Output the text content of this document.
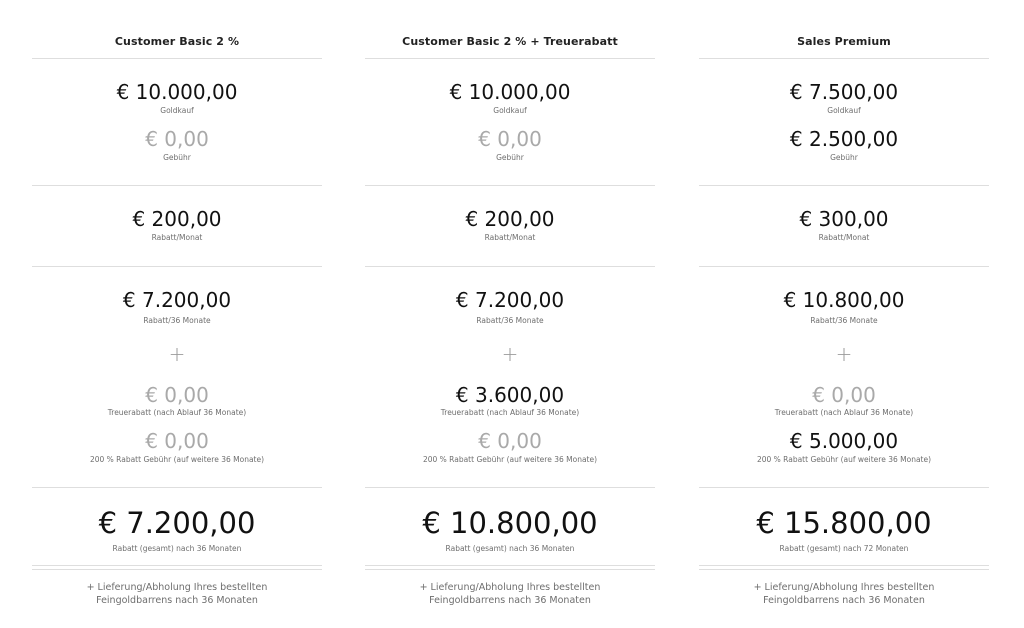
Customer Basic 2 %
€ 10.000,00
Goldkauf
€ 0,00
Gebühr
€ 200,00
Rabatt/Monat
€ 7.200,00
Rabatt/36 Monate
+
€ 0,00
Treuerabatt (nach Ablauf 36 Monate)
€ 0,00
200 % Rabatt Gebühr (auf weitere 36 Monate)
€ 7.200,00
Rabatt (gesamt) nach 36 Monaten
+ Lieferung/Abholung Ihres bestellten
Feingoldbarrens nach 36 Monaten
Customer Basic 2 % + Treuerabatt
€ 10.000,00
Goldkauf
€ 0,00
Gebühr
€ 200,00
Rabatt/Monat
€ 7.200,00
Rabatt/36 Monate
+
€ 3.600,00
Treuerabatt (nach Ablauf 36 Monate)
€ 0,00
200 % Rabatt Gebühr (auf weitere 36 Monate)
€ 10.800,00
Rabatt (gesamt) nach 36 Monaten
+ Lieferung/Abholung Ihres bestellten
Feingoldbarrens nach 36 Monaten
Sales Premium
€ 7.500,00
Goldkauf
€ 2.500,00
Gebühr
€ 300,00
Rabatt/Monat
€ 10.800,00
Rabatt/36 Monate
+
€ 0,00
Treuerabatt (nach Ablauf 36 Monate)
€ 5.000,00
200 % Rabatt Gebühr (auf weitere 36 Monate)
€ 15.800,00
Rabatt (gesamt) nach 72 Monaten
+ Lieferung/Abholung Ihres bestellten
Feingoldbarrens nach 36 Monaten
